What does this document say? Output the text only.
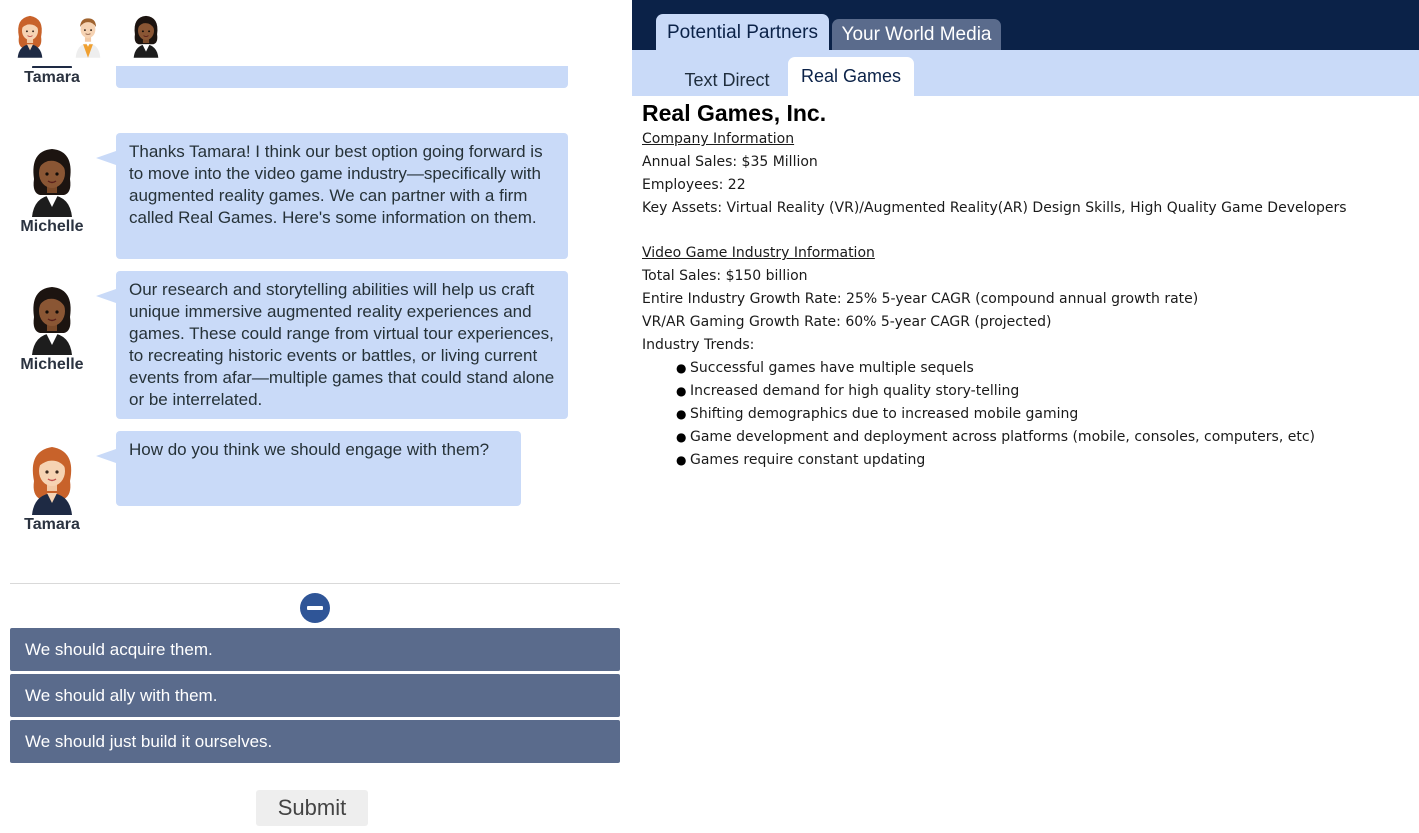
Tamara
Michelle
Thanks Tamara! I think our best option going forward is to move into the video game industry—specifically with augmented reality games. We can partner with a firm called Real Games. Here's some information on them.
Michelle
Our research and storytelling abilities will help us craft unique immersive augmented reality experiences and games. These could range from virtual tour experiences, to recreating historic events or battles, or living current events from afar—multiple games that could stand alone or be interrelated.
Tamara
How do you think we should engage with them?
We should acquire them.
We should ally with them.
We should just build it ourselves.
Submit
Potential Partners	Your World Media
Text Direct	Real Games
Real Games, Inc.
Company Information
Annual Sales: $35 Million
Employees: 22
Key Assets: Virtual Reality (VR)/Augmented Reality(AR) Design Skills, High Quality Game Developers
Video Game Industry Information
Total Sales: $150 billion
Entire Industry Growth Rate: 25% 5-year CAGR (compound annual growth rate)
VR/AR Gaming Growth Rate: 60% 5-year CAGR (projected)
Industry Trends:
● Successful games have multiple sequels
● Increased demand for high quality story-telling
● Shifting demographics due to increased mobile gaming
● Game development and deployment across platforms (mobile, consoles, computers, etc)
● Games require constant updating
